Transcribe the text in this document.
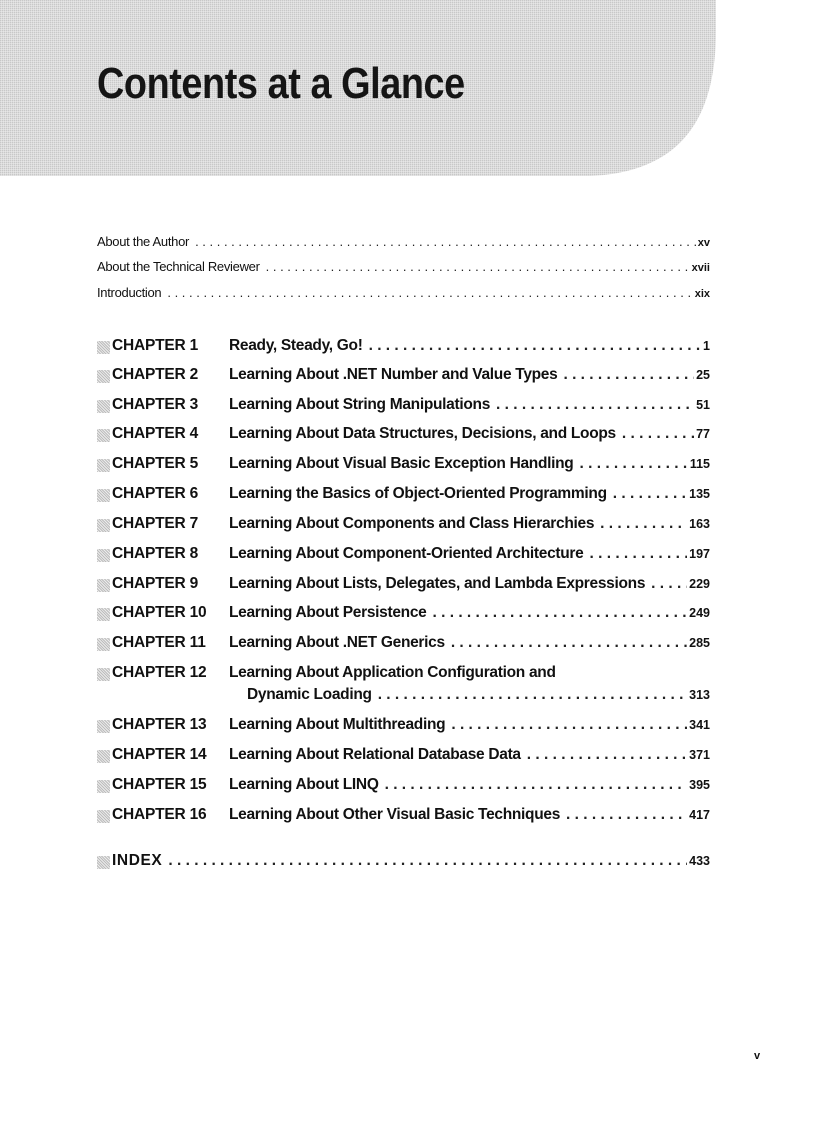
Contents at a Glance
About the Author . . .	xv
About the Technical Reviewer . . .	xvii
Introduction . . .	xix
CHAPTER 1 Ready, Steady, Go! . . .	1
CHAPTER 2 Learning About .NET Number and Value Types . . .	25
CHAPTER 3 Learning About String Manipulations . . .	51
CHAPTER 4 Learning About Data Structures, Decisions, and Loops . . .	77
CHAPTER 5 Learning About Visual Basic Exception Handling . . .	115
CHAPTER 6 Learning the Basics of Object-Oriented Programming . . .	135
CHAPTER 7 Learning About Components and Class Hierarchies . . .	163
CHAPTER 8 Learning About Component-Oriented Architecture . . .	197
CHAPTER 9 Learning About Lists, Delegates, and Lambda Expressions . . .	229
CHAPTER 10 Learning About Persistence . . .	249
CHAPTER 11 Learning About .NET Generics . . .	285
CHAPTER 12 Learning About Application Configuration and
Dynamic Loading . . .	313
CHAPTER 13 Learning About Multithreading . . .	341
CHAPTER 14 Learning About Relational Database Data . . .	371
CHAPTER 15 Learning About LINQ . . .	395
CHAPTER 16 Learning About Other Visual Basic Techniques . . .	417
INDEX . . .	433
v
